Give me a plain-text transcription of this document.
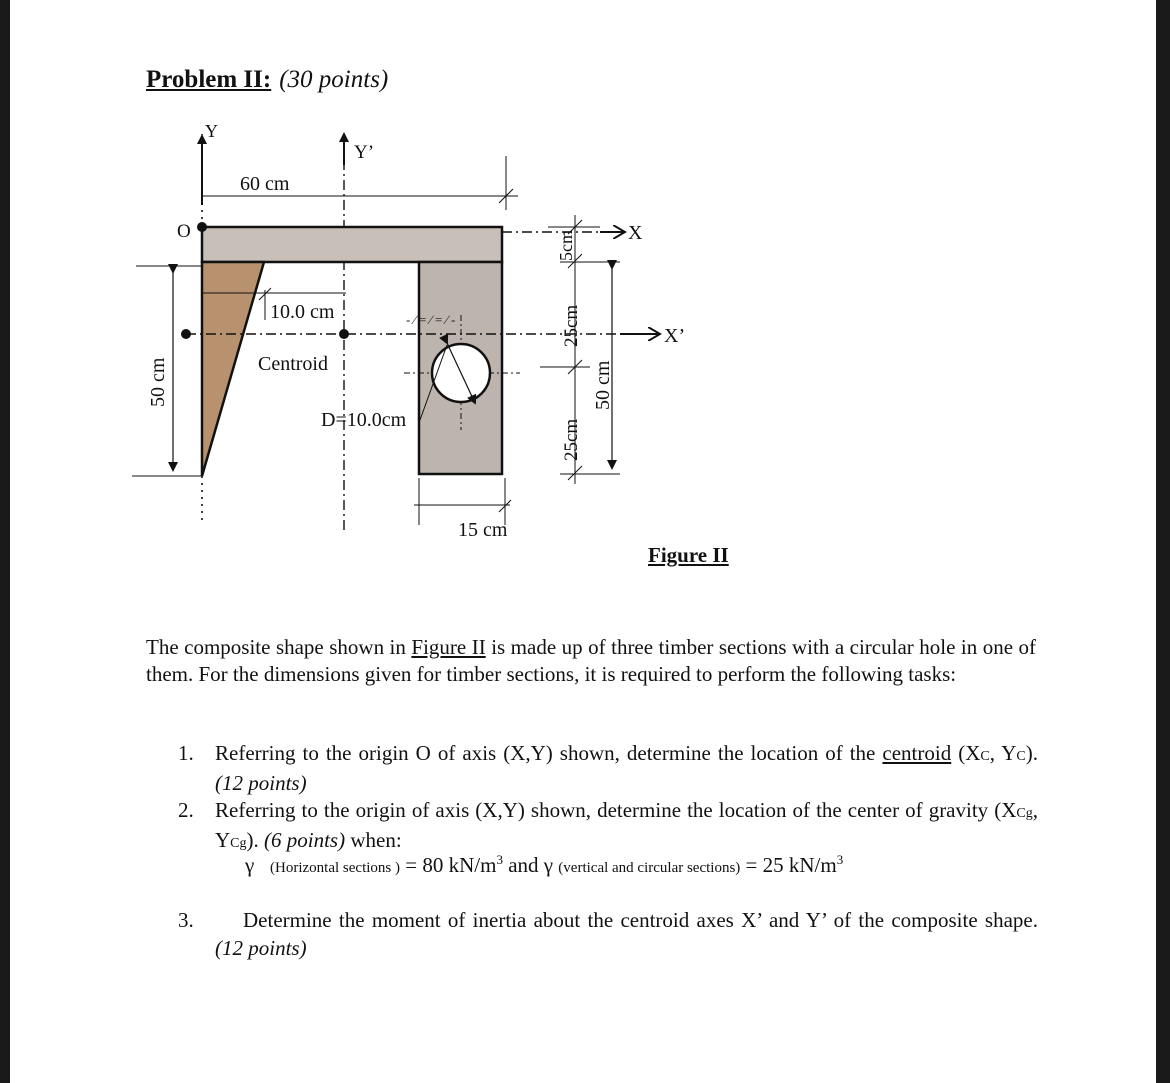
Problem II: (30 points)
Y
Y’
60 cm
O	X
X’
10.0 cm
Centroid
- ⁄ = ⁄ = ⁄ -
D=10.0cm
50 cm
15 cm
5cm
25cm
25cm
50 cm
Figure II

The composite shape shown in Figure II is made up of three timber sections with a circular hole in one of them. For the dimensions given for timber sections, it is required to perform the following tasks:

1. Referring to the origin O of axis (X,Y) shown, determine the location of the centroid (XC, YC). (12 points)

2. Referring to the origin of axis (X,Y) shown, determine the location of the center of gravity (XCg, YCg). (6 points) when:

γ (Horizontal sections ) = 80 $kN/m^3$ and γ (vertical and circular sections) = 25 $kN/m^3$
3.	Determine the moment of inertia about the centroid axes X’ and Y’ of the composite shape. (12 points)
